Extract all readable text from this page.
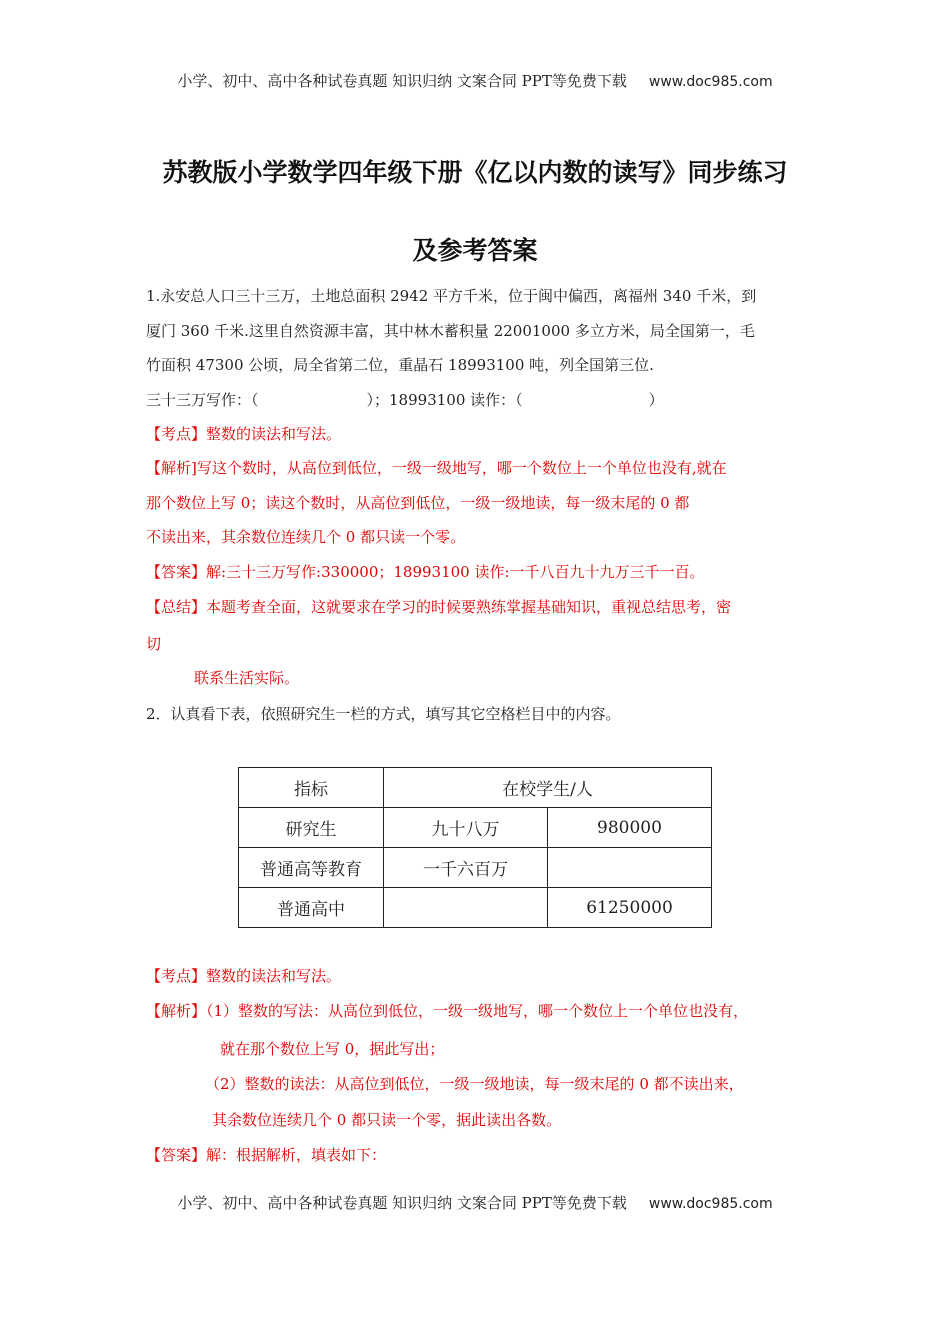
小学、初中、高中各种试卷真题 知识归纳 文案合同 PPT等免费下载 www.doc985.com
苏教版小学数学四年级下册《亿以内数的读写》同步练习
及参考答案
1.永安总人口三十三万，土地总面积 2942 平方千米，位于闽中偏西，离福州 340 千米，到
厦门 360 千米.这里自然资源丰富，其中林木蓄积量 22001000 多立方米，局全国第一，毛
竹面积 47300 公顷，局全省第二位，重晶石 18993100 吨，列全国第三位.
三十三万写作：（	）；18993100 读作：（	）
【考点】整数的读法和写法。
【解析]写这个数时，从高位到低位，一级一级地写，哪一个数位上一个单位也没有,就在
那个数位上写 0；读这个数时，从高位到低位，一级一级地读，每一级末尾的 0 都
不读出来，其余数位连续几个 0 都只读一个零。
【答案】解:三十三万写作:330000；18993100 读作:一千八百九十九万三千一百。
【总结】本题考查全面，这就要求在学习的时候要熟练掌握基础知识，重视总结思考，密
切
联系生活实际。
2．认真看下表，依照研究生一栏的方式，填写其它空格栏目中的内容。
指标	在校学生/人	
研究生	九十八万	980000
普通高等教育	一千六百万	
普通高中		61250000
【考点】整数的读法和写法。
【解析】（1）整数的写法：从高位到低位，一级一级地写，哪一个数位上一个单位也没有，
就在那个数位上写 0，据此写出；
（2）整数的读法：从高位到低位，一级一级地读，每一级末尾的 0 都不读出来，
其余数位连续几个 0 都只读一个零，据此读出各数。
【答案】解：根据解析，填表如下：
小学、初中、高中各种试卷真题 知识归纳 文案合同 PPT等免费下载 www.doc985.com
